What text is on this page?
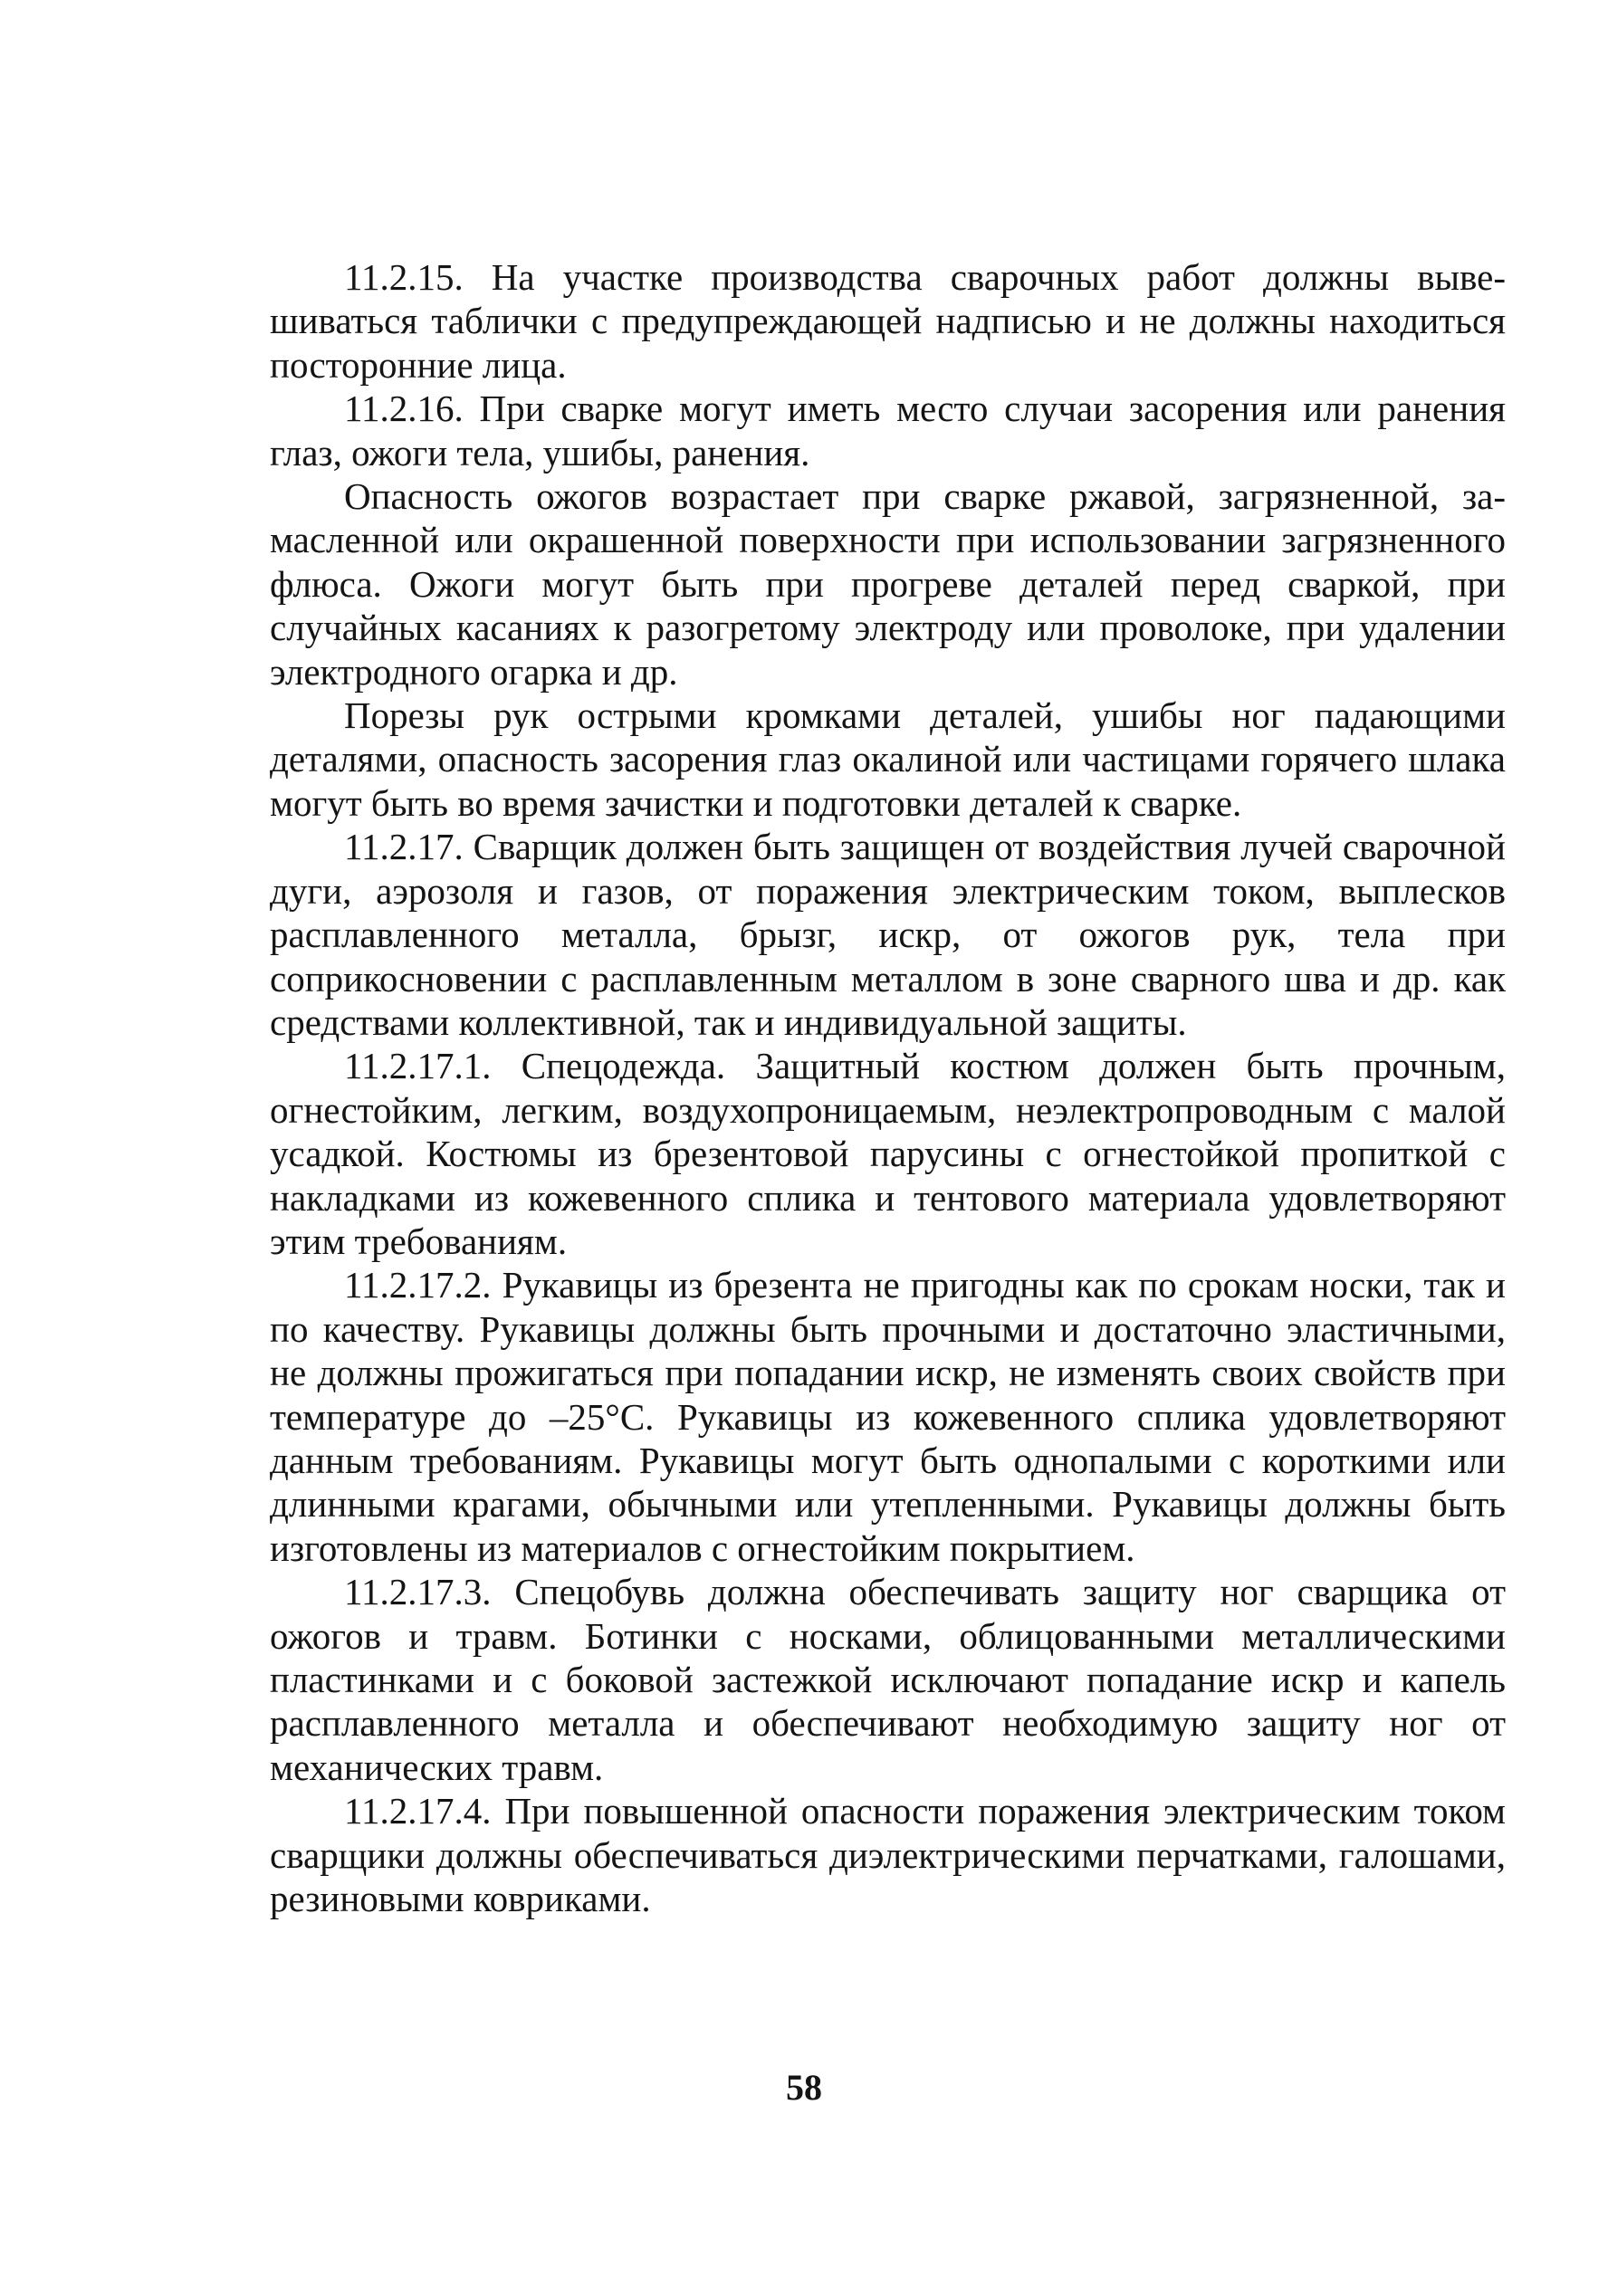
11.2.15. На участке производства сварочных работ должны вывешиваться таблички с предупреждающей надписью и не должны находиться посторонние лица.

11.2.16. При сварке могут иметь место случаи засорения или ранения глаз, ожоги тела, ушибы, ранения.

Опасность ожогов возрастает при сварке ржавой, загрязненной, замасленной или окрашенной поверхности при использовании загрязненного флюса. Ожоги могут быть при прогреве деталей перед сваркой, при случайных касаниях к разогретому электроду или проволоке, при удалении электродного огарка и др.

Порезы рук острыми кромками деталей, ушибы ног падающими деталями, опасность засорения глаз окалиной или частицами горячего шлака могут быть во время зачистки и подготовки деталей к сварке.

11.2.17. Сварщик должен быть защищен от воздействия лучей сварочной дуги, аэрозоля и газов, от поражения электрическим током, выплесков расплавленного металла, брызг, искр, от ожогов рук, тела при соприкосновении с расплавленным металлом в зоне сварного шва и др. как средствами коллективной, так и индивидуальной защиты.

11.2.17.1. Спецодежда. Защитный костюм должен быть прочным, огнестойким, легким, воздухопроницаемым, неэлектропроводным с малой усадкой. Костюмы из брезентовой парусины с огнестойкой пропиткой с накладками из кожевенного сплика и тентового материала удовлетворяют этим требованиям.

11.2.17.2. Рукавицы из брезента не пригодны как по срокам носки, так и по качеству. Рукавицы должны быть прочными и достаточно эластичными, не должны прожигаться при попадании искр, не изменять своих свойств при температуре до –25°С. Рукавицы из кожевенного сплика удовлетворяют данным требованиям. Рукавицы могут быть однопалыми с короткими или длинными крагами, обычными или утепленными. Рукавицы должны быть изготовлены из материалов с огнестойким покрытием.

11.2.17.3. Спецобувь должна обеспечивать защиту ног сварщика от ожогов и травм. Ботинки с носками, облицованными металлическими пластинками и с боковой застежкой исключают попадание искр и капель расплавленного металла и обеспечивают необходимую защиту ног от механических травм.

11.2.17.4. При повышенной опасности поражения электрическим током сварщики должны обеспечиваться диэлектрическими перчатками, галошами, резиновыми ковриками.

58
